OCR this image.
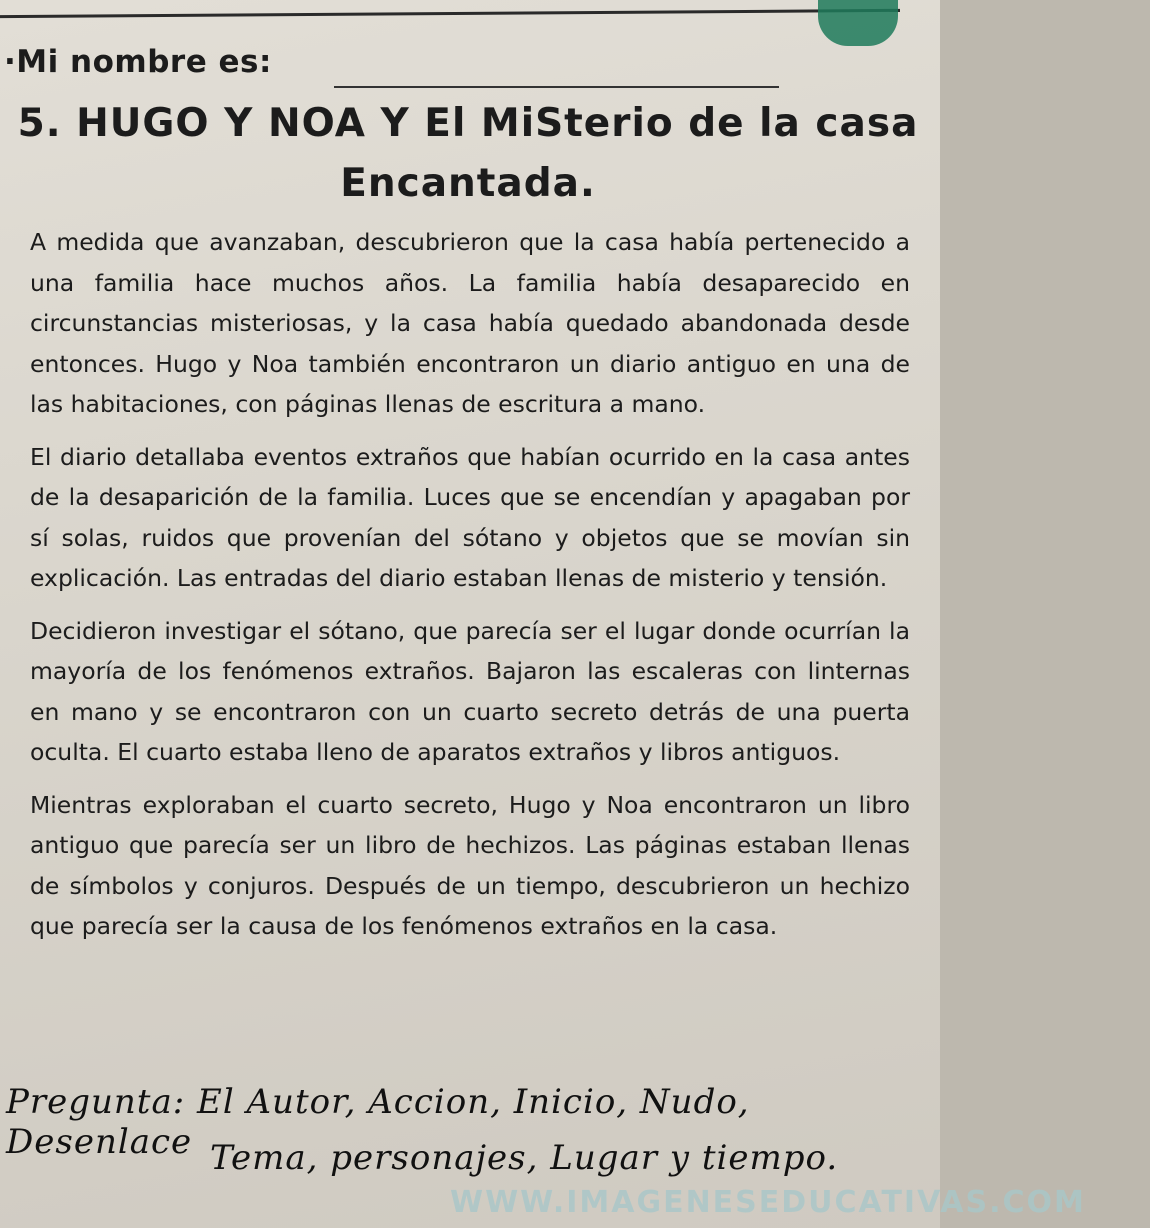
·Mi nombre es:
5. HUGO Y NOA Y El MiSterio de la casa
Encantada.

A medida que avanzaban, descubrieron que la casa había pertenecido a una familia hace muchos años. La familia había desaparecido en circunstancias misteriosas, y la casa había quedado abandonada desde entonces. Hugo y Noa también encontraron un diario antiguo en una de las habitaciones, con páginas llenas de escritura a mano.

El diario detallaba eventos extraños que habían ocurrido en la casa antes de la desaparición de la familia. Luces que se encendían y apagaban por sí solas, ruidos que provenían del sótano y objetos que se movían sin explicación. Las entradas del diario estaban llenas de misterio y tensión.

Decidieron investigar el sótano, que parecía ser el lugar donde ocurrían la mayoría de los fenómenos extraños. Bajaron las escaleras con linternas en mano y se encontraron con un cuarto secreto detrás de una puerta oculta. El cuarto estaba lleno de aparatos extraños y libros antiguos.

Mientras exploraban el cuarto secreto, Hugo y Noa encontraron un libro antiguo que parecía ser un libro de hechizos. Las páginas estaban llenas de símbolos y conjuros. Después de un tiempo, descubrieron un hechizo que parecía ser la causa de los fenómenos extraños en la casa.

Pregunta: El Autor, Accion, Inicio, Nudo, Desenlace Tema, personajes, Lugar y tiempo.
WWW.IMAGENESEDUCATIVAS.COM
